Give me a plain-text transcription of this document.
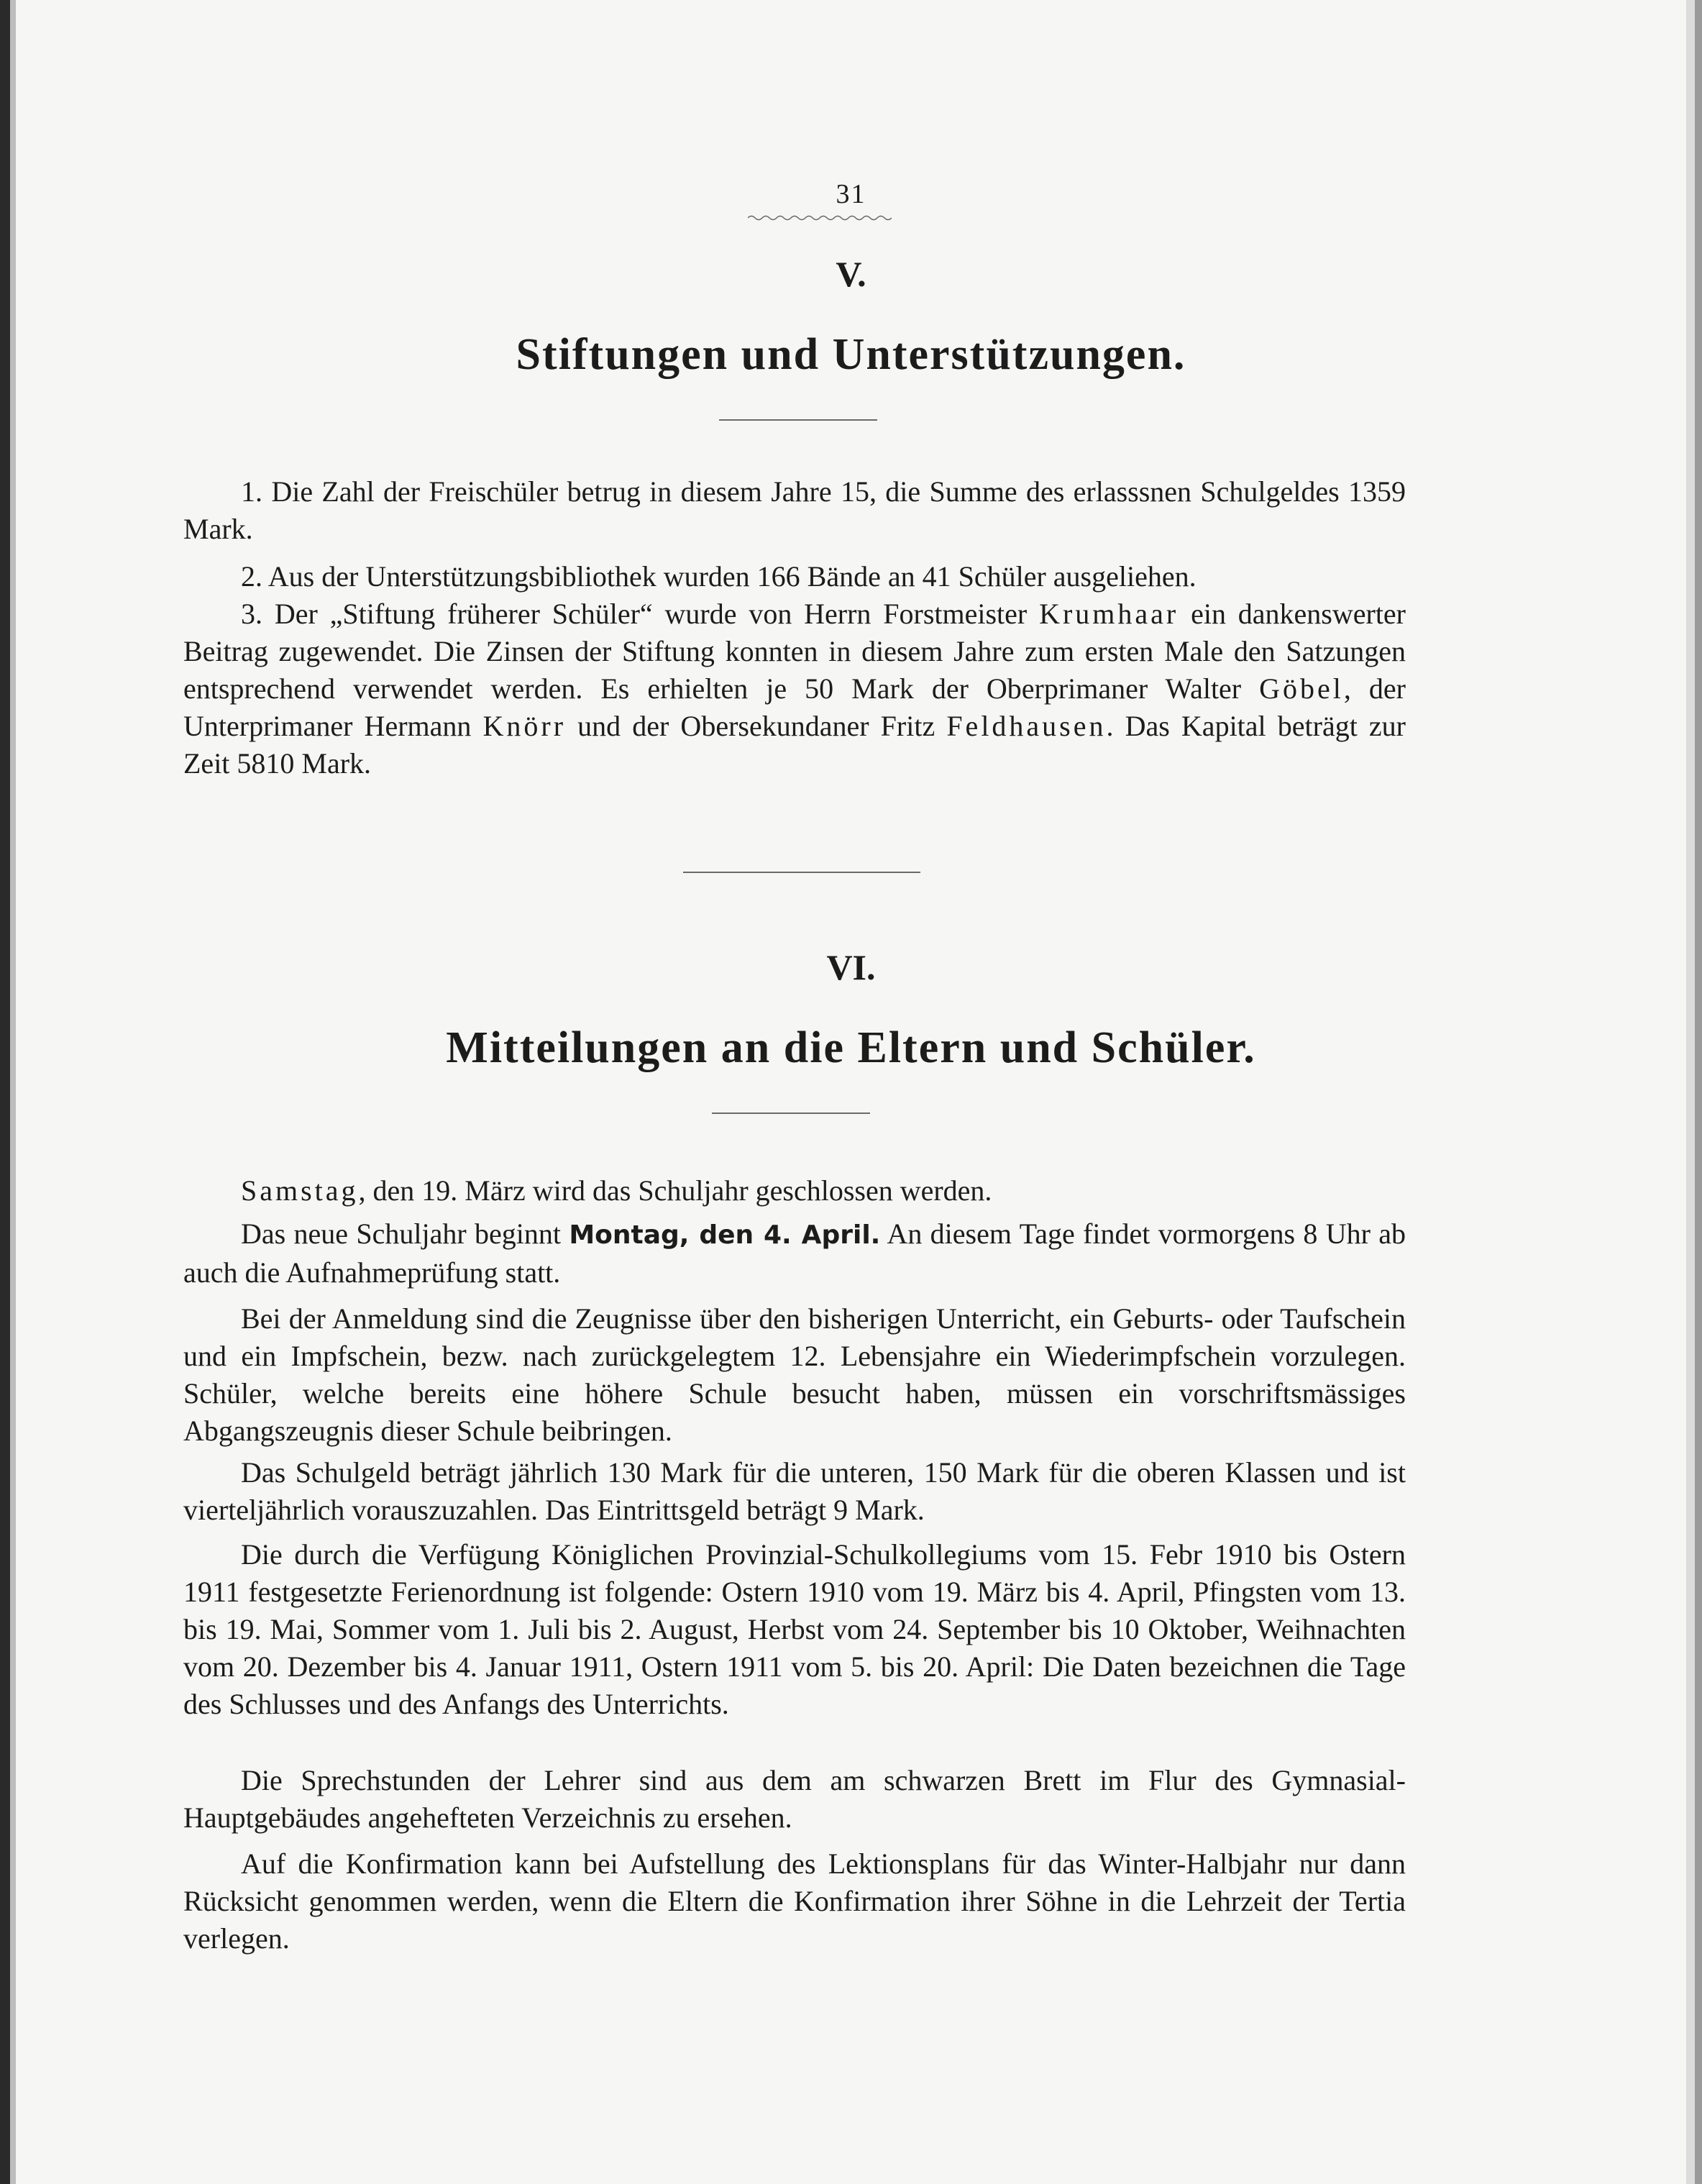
31
V.
Stiftungen und Unterstützungen.

1. Die Zahl der Freischüler betrug in diesem Jahre 15, die Summe des erlasssnen Schulgeldes 1359 Mark.

2. Aus der Unterstützungsbibliothek wurden 166 Bände an 41 Schüler ausgeliehen.

3. Der „Stiftung früherer Schüler“ wurde von Herrn Forstmeister Krumhaar ein dankenswerter Beitrag zugewendet. Die Zinsen der Stiftung konnten in diesem Jahre zum ersten Male den Satzungen entsprechend verwendet werden. Es erhielten je 50 Mark der Oberprimaner Walter Göbel, der Unterprimaner Hermann Knörr und der Obersekundaner Fritz Feldhausen. Das Kapital beträgt zur Zeit 5810 Mark.

VI.
Mitteilungen an die Eltern und Schüler.

Samstag, den 19. März wird das Schuljahr geschlossen werden.

Das neue Schuljahr beginnt Montag, den 4. April. An diesem Tage findet vormorgens 8 Uhr ab auch die Aufnahmeprüfung statt.

Bei der Anmeldung sind die Zeugnisse über den bisherigen Unterricht, ein Geburts- oder Taufschein und ein Impfschein, bezw. nach zurückgelegtem 12. Lebensjahre ein Wiederimpfschein vorzulegen. Schüler, welche bereits eine höhere Schule besucht haben, müssen ein vorschriftsmässiges Abgangszeugnis dieser Schule beibringen.

Das Schulgeld beträgt jährlich 130 Mark für die unteren, 150 Mark für die oberen Klassen und ist vierteljährlich vorauszuzahlen. Das Eintrittsgeld beträgt 9 Mark.

Die durch die Verfügung Königlichen Provinzial-Schulkollegiums vom 15. Febr 1910 bis Ostern 1911 festgesetzte Ferienordnung ist folgende: Ostern 1910 vom 19. März bis 4. April, Pfingsten vom 13. bis 19. Mai, Sommer vom 1. Juli bis 2. August, Herbst vom 24. September bis 10 Oktober, Weihnachten vom 20. Dezember bis 4. Januar 1911, Ostern 1911 vom 5. bis 20. April: Die Daten bezeichnen die Tage des Schlusses und des Anfangs des Unterrichts.

Die Sprechstunden der Lehrer sind aus dem am schwarzen Brett im Flur des Gymnasial-Hauptgebäudes angehefteten Verzeichnis zu ersehen.

Auf die Konfirmation kann bei Aufstellung des Lektionsplans für das Winter-Halbjahr nur dann Rücksicht genommen werden, wenn die Eltern die Konfirmation ihrer Söhne in die Lehrzeit der Tertia verlegen.
